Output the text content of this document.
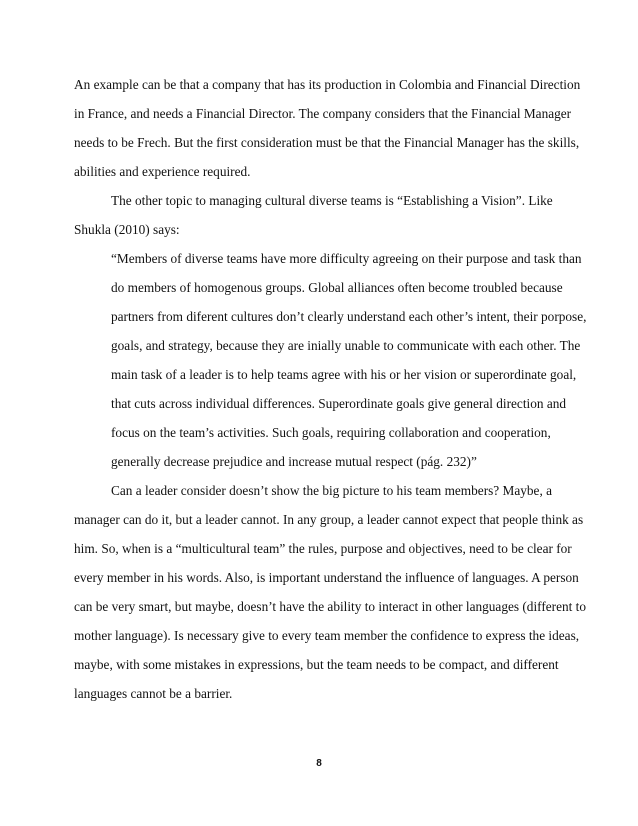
An example can be that a company that has its production in Colombia and Financial Direction
in France, and needs a Financial Director. The company considers that the Financial Manager
needs to be Frech. But the first consideration must be that the Financial Manager has the skills,
abilities and experience required.
The other topic to managing cultural diverse teams is “Establishing a Vision”. Like
Shukla (2010) says:
“Members of diverse teams have more difficulty agreeing on their purpose and task than
do members of homogenous groups. Global alliances often become troubled because
partners from diferent cultures don’t clearly understand each other’s intent, their porpose,
goals, and strategy, because they are inially unable to communicate with each other. The
main task of a leader is to help teams agree with his or her vision or superordinate goal,
that cuts across individual differences. Superordinate goals give general direction and
focus on the team’s activities. Such goals, requiring collaboration and cooperation,
generally decrease prejudice and increase mutual respect (pág. 232)”
Can a leader consider doesn’t show the big picture to his team members? Maybe, a
manager can do it, but a leader cannot. In any group, a leader cannot expect that people think as
him. So, when is a “multicultural team” the rules, purpose and objectives, need to be clear for
every member in his words. Also, is important understand the influence of languages. A person
can be very smart, but maybe, doesn’t have the ability to interact in other languages (different to
mother language). Is necessary give to every team member the confidence to express the ideas,
maybe, with some mistakes in expressions, but the team needs to be compact, and different
languages cannot be a barrier.
8
